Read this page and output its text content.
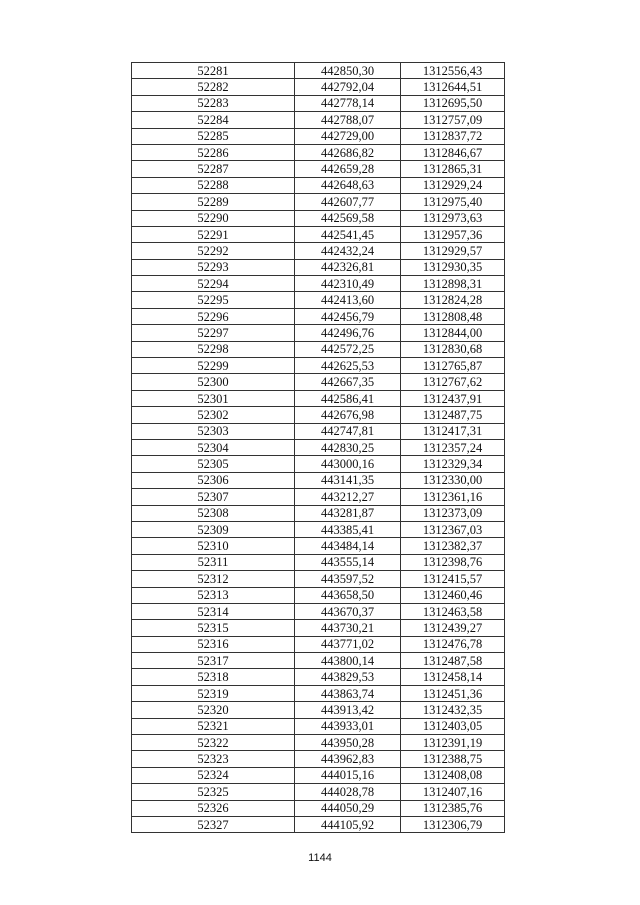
52281	442850,30	1312556,43
52282	442792,04	1312644,51
52283	442778,14	1312695,50
52284	442788,07	1312757,09
52285	442729,00	1312837,72
52286	442686,82	1312846,67
52287	442659,28	1312865,31
52288	442648,63	1312929,24
52289	442607,77	1312975,40
52290	442569,58	1312973,63
52291	442541,45	1312957,36
52292	442432,24	1312929,57
52293	442326,81	1312930,35
52294	442310,49	1312898,31
52295	442413,60	1312824,28
52296	442456,79	1312808,48
52297	442496,76	1312844,00
52298	442572,25	1312830,68
52299	442625,53	1312765,87
52300	442667,35	1312767,62
52301	442586,41	1312437,91
52302	442676,98	1312487,75
52303	442747,81	1312417,31
52304	442830,25	1312357,24
52305	443000,16	1312329,34
52306	443141,35	1312330,00
52307	443212,27	1312361,16
52308	443281,87	1312373,09
52309	443385,41	1312367,03
52310	443484,14	1312382,37
52311	443555,14	1312398,76
52312	443597,52	1312415,57
52313	443658,50	1312460,46
52314	443670,37	1312463,58
52315	443730,21	1312439,27
52316	443771,02	1312476,78
52317	443800,14	1312487,58
52318	443829,53	1312458,14
52319	443863,74	1312451,36
52320	443913,42	1312432,35
52321	443933,01	1312403,05
52322	443950,28	1312391,19
52323	443962,83	1312388,75
52324	444015,16	1312408,08
52325	444028,78	1312407,16
52326	444050,29	1312385,76
52327	444105,92	1312306,79
1144
